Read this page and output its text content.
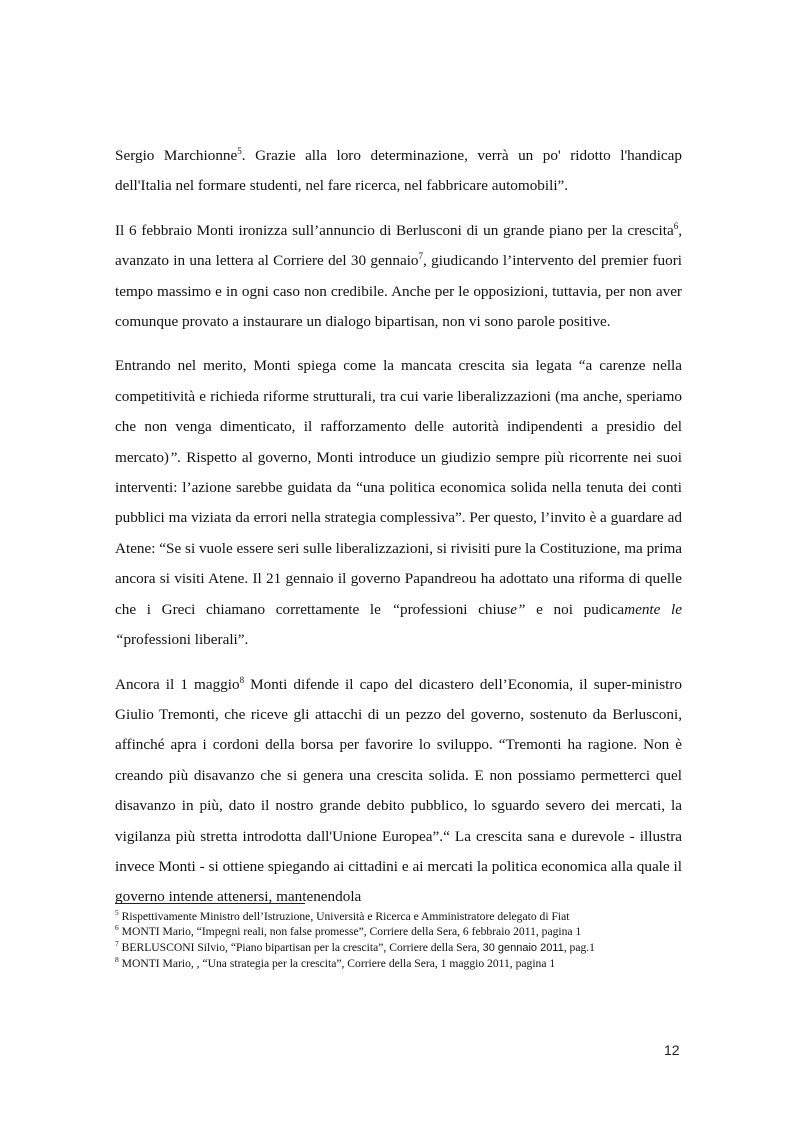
Sergio Marchionne$^5$. Grazie alla loro determinazione, verrà un po' ridotto l'handicap dell'Italia nel formare studenti, nel fare ricerca, nel fabbricare automobili”.

Il 6 febbraio Monti ironizza sull’annuncio di Berlusconi di un grande piano per la crescita$^6$, avanzato in una lettera al Corriere del 30 gennaio$^7$, giudicando l’intervento del premier fuori tempo massimo e in ogni caso non credibile. Anche per le opposizioni, tuttavia, per non aver comunque provato a instaurare un dialogo bipartisan, non vi sono parole positive.

Entrando nel merito, Monti spiega come la mancata crescita sia legata “a carenze nella competitività e richieda riforme strutturali, tra cui varie liberalizzazioni (ma anche, speriamo che non venga dimenticato, il rafforzamento delle autorità indipendenti a presidio del mercato)”. Rispetto al governo, Monti introduce un giudizio sempre più ricorrente nei suoi interventi: l’azione sarebbe guidata da “una politica economica solida nella tenuta dei conti pubblici ma viziata da errori nella strategia complessiva”. Per questo, l’invito è a guardare ad Atene: “Se si vuole essere seri sulle liberalizzazioni, si rivisiti pure la Costituzione, ma prima ancora si visiti Atene. Il 21 gennaio il governo Papandreou ha adottato una riforma di quelle che i Greci chiamano correttamente le “professioni chiuse” e noi pudicamente le “professioni liberali”.

Ancora il 1 maggio$^8$ Monti difende il capo del dicastero dell’Economia, il super-ministro Giulio Tremonti, che riceve gli attacchi di un pezzo del governo, sostenuto da Berlusconi, affinché apra i cordoni della borsa per favorire lo sviluppo. “Tremonti ha ragione. Non è creando più disavanzo che si genera una crescita solida. E non possiamo permetterci quel disavanzo in più, dato il nostro grande debito pubblico, lo sguardo severo dei mercati, la vigilanza più stretta introdotta dall'Unione Europea”.“ La crescita sana e durevole - illustra invece Monti - si ottiene spiegando ai cittadini e ai mercati la politica economica alla quale il governo intende attenersi, mantenendola

$^5$ Rispettivamente Ministro dell’Istruzione, Università e Ricerca e Amministratore delegato di Fiat
$^6$ MONTI Mario, “Impegni reali, non false promesse”, Corriere della Sera, 6 febbraio 2011, pagina 1
$^7$ BERLUSCONI Silvio, “Piano bipartisan per la crescita”, Corriere della Sera, 30 gennaio 2011, pag.1
$^8$ MONTI Mario, , “Una strategia per la crescita”, Corriere della Sera, 1 maggio 2011, pagina 1
12
